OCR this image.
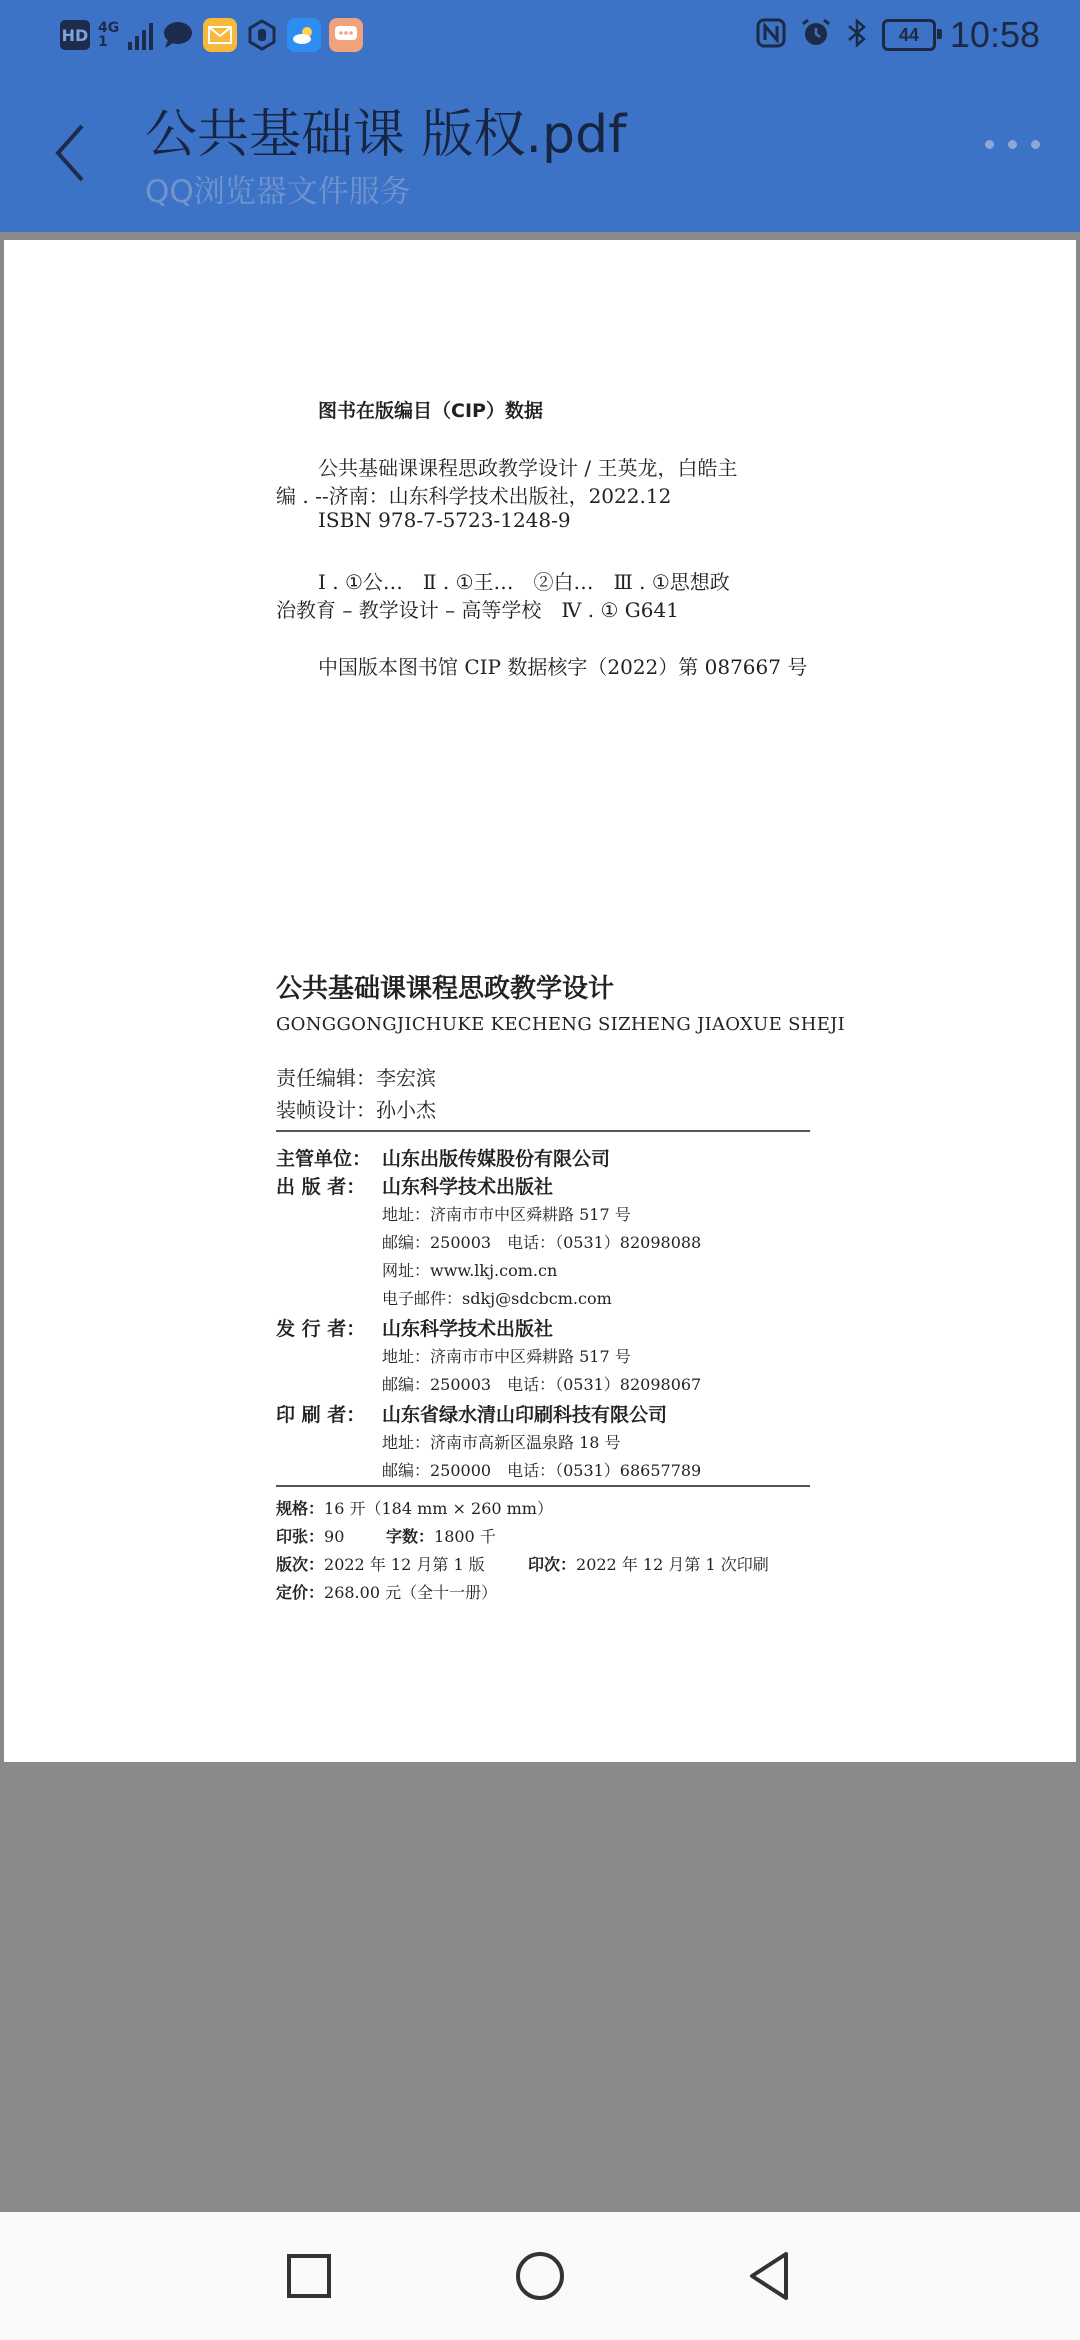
HD 4G
1	44 10:58
公共基础课 版权.pdf
QQ浏览器文件服务
图书在版编目（CIP）数据
公共基础课课程思政教学设计 / 王英龙，白皓主
编 . --济南：山东科学技术出版社，2022.12
ISBN 978-7-5723-1248-9
Ⅰ . ①公…　Ⅱ . ①王…　②白…　Ⅲ . ①思想政
治教育 – 教学设计 – 高等学校　Ⅳ . ① G641
中国版本图书馆 CIP 数据核字（2022）第 087667 号
公共基础课课程思政教学设计
GONGGONGJICHUKE KECHENG SIZHENG JIAOXUE SHEJI
责任编辑：李宏滨
装帧设计：孙小杰
主管单位： 山东出版传媒股份有限公司
出 版 者： 山东科学技术出版社
地址：济南市市中区舜耕路 517 号
邮编：250003　电话：（0531）82098088
网址：www.lkj.com.cn
电子邮件：sdkj@sdcbcm.com
发 行 者： 山东科学技术出版社
地址：济南市市中区舜耕路 517 号
邮编：250003　电话：（0531）82098067
印 刷 者： 山东省绿水清山印刷科技有限公司
地址：济南市高新区温泉路 18 号
邮编：250000　电话：（0531）68657789
规格：16 开（184 mm × 260 mm）
印张：90	字数：1800 千
版次：2022 年 12 月第 1 版	印次：2022 年 12 月第 1 次印刷
定价：268.00 元（全十一册）
